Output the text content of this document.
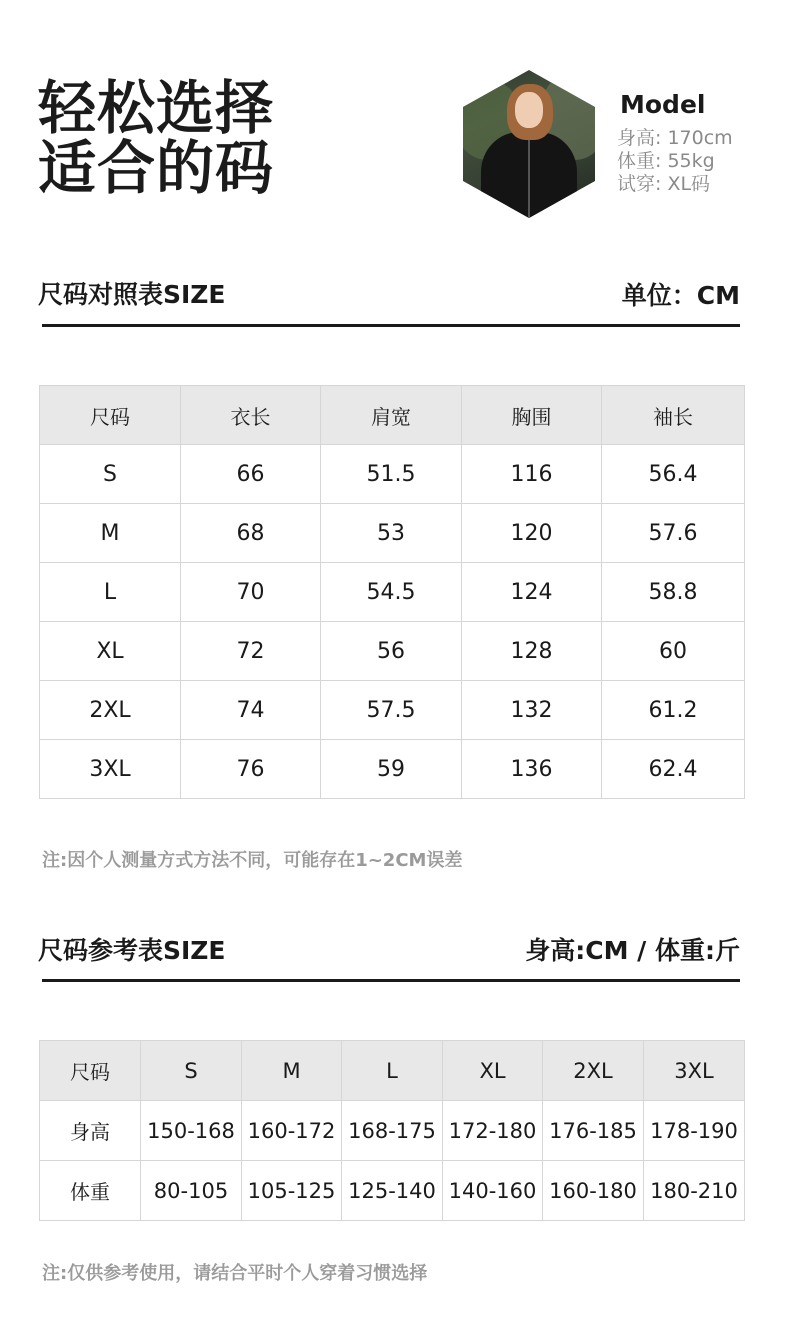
轻松选择
适合的码
Model
身高: 170cm
体重: 55kg
试穿: XL码
尺码对照表SIZE	单位：CM
尺码	衣长	肩宽	胸围	袖长
S	66	51.5	116	56.4
M	68	53	120	57.6
L	70	54.5	124	58.8
XL	72	56	128	60
2XL	74	57.5	132	61.2
3XL	76	59	136	62.4
注:因个人测量方式方法不同，可能存在1~2CM误差
尺码参考表SIZE	身高:CM / 体重:斤
尺码	S	M	L	XL	2XL	3XL
身高	150-168	160-172	168-175	172-180	176-185	178-190
体重	80-105	105-125	125-140	140-160	160-180	180-210
注:仅供参考使用，请结合平时个人穿着习惯选择
